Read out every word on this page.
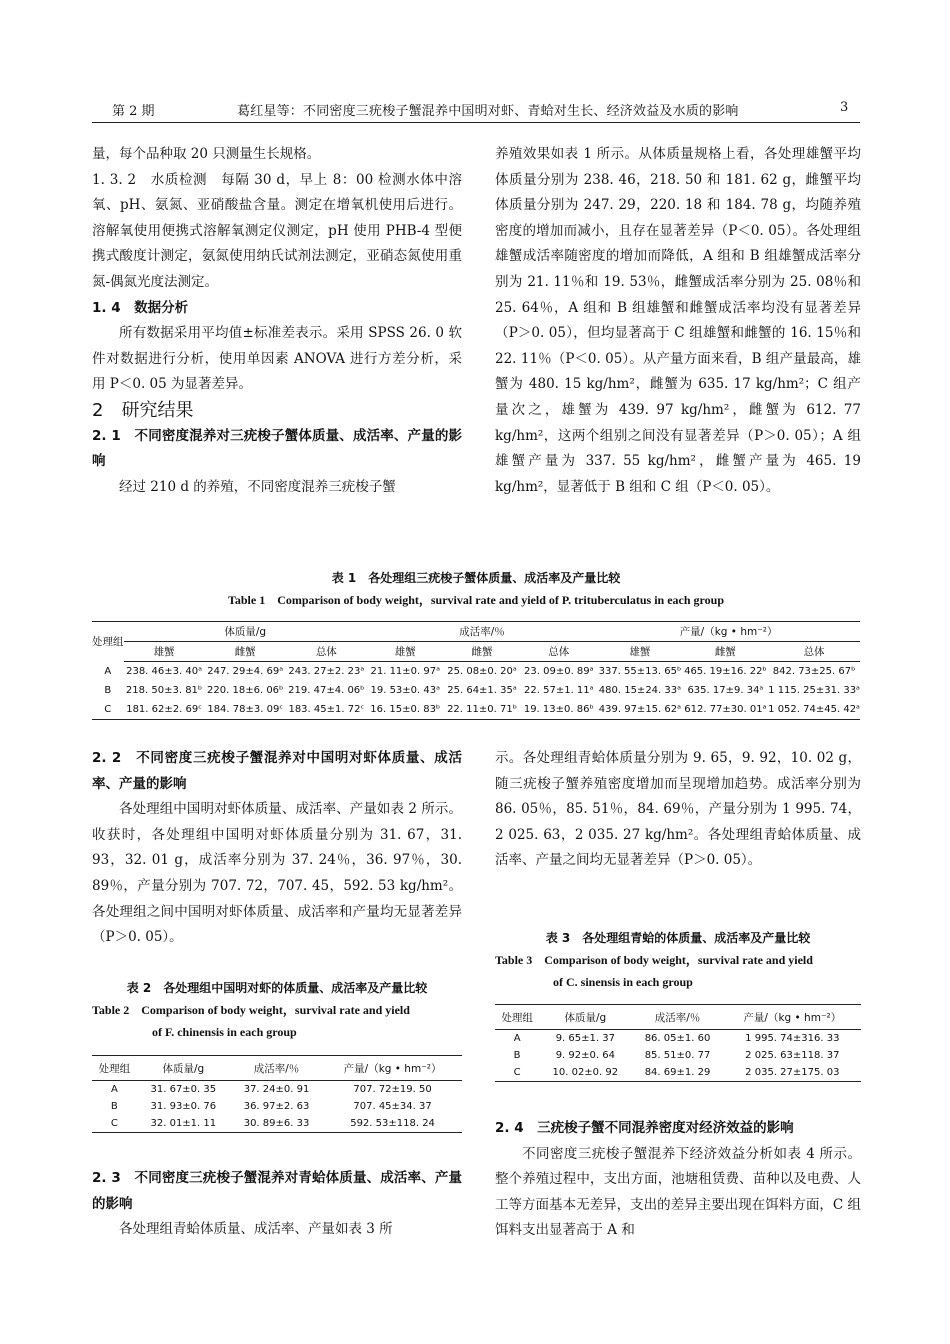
第 2 期	葛红星等：不同密度三疣梭子蟹混养中国明对虾、青蛤对生长、经济效益及水质的影响	3

量，每个品种取 20 只测量生长规格。

1. 3. 2　水质检测　每隔 30 d，早上 8：00 检测水体中溶氧、pH、氨氮、亚硝酸盐含量。测定在增氧机使用后进行。溶解氧使用便携式溶解氧测定仪测定，pH 使用 PHB-4 型便携式酸度计测定，氨氮使用纳氏试剂法测定，亚硝态氮使用重氮-偶氮光度法测定。

1. 4　数据分析

所有数据采用平均值±标准差表示。采用 SPSS 26. 0 软件对数据进行分析，使用单因素 ANOVA 进行方差分析，采用 P＜0. 05 为显著差异。

2　研究结果

2. 1　不同密度混养对三疣梭子蟹体质量、成活率、产量的影响

经过 210 d 的养殖，不同密度混养三疣梭子蟹

养殖效果如表 1 所示。从体质量规格上看，各处理雄蟹平均体质量分别为 238. 46，218. 50 和 181. 62 g，雌蟹平均体质量分别为 247. 29，220. 18 和 184. 78 g，均随养殖密度的增加而减小，且存在显著差异（P＜0. 05）。各处理组雄蟹成活率随密度的增加而降低，A 组和 B 组雄蟹成活率分别为 21. 11％和 19. 53％，雌蟹成活率分别为 25. 08％和 25. 64％，A 组和 B 组雄蟹和雌蟹成活率均没有显著差异（P＞0. 05），但均显著高于 C 组雄蟹和雌蟹的 16. 15％和 22. 11％（P＜0. 05）。从产量方面来看，B 组产量最高，雄蟹为 480. 15 kg/hm²，雌蟹为 635. 17 kg/hm²；C 组产量次之，雄蟹为 439. 97 kg/hm²，雌蟹为 612. 77 kg/hm²，这两个组别之间没有显著差异（P＞0. 05）；A 组雄蟹产量为 337. 55 kg/hm²，雌蟹产量为 465. 19 kg/hm²，显著低于 B 组和 C 组（P＜0. 05）。

表 1　各处理组三疣梭子蟹体质量、成活率及产量比较

Table 1　Comparison of body weight，survival rate and yield of P. trituberculatus in each group

处理组	体质量/g			成活率/％			产量/（kg • hm⁻²）		
	雄蟹	雌蟹	总体	雄蟹	雌蟹	总体	雄蟹	雌蟹	总体
A	238. 46±3. 40ᵃ	247. 29±4. 69ᵃ	243. 27±2. 23ᵃ	21. 11±0. 97ᵃ	25. 08±0. 20ᵃ	23. 09±0. 89ᵃ	337. 55±13. 65ᵇ	465. 19±16. 22ᵇ	842. 73±25. 67ᵇ
B	218. 50±3. 81ᵇ	220. 18±6. 06ᵇ	219. 47±4. 06ᵇ	19. 53±0. 43ᵃ	25. 64±1. 35ᵃ	22. 57±1. 11ᵃ	480. 15±24. 33ᵃ	635. 17±9. 34ᵃ	1 115. 25±31. 33ᵃ
C	181. 62±2. 69ᶜ	184. 78±3. 09ᶜ	183. 45±1. 72ᶜ	16. 15±0. 83ᵇ	22. 11±0. 71ᵇ	19. 13±0. 86ᵇ	439. 97±15. 62ᵃ	612. 77±30. 01ᵃ	1 052. 74±45. 42ᵃ

2. 2　不同密度三疣梭子蟹混养对中国明对虾体质量、成活率、产量的影响

各处理组中国明对虾体质量、成活率、产量如表 2 所示。收获时，各处理组中国明对虾体质量分别为 31. 67，31. 93，32. 01 g，成活率分别为 37. 24％，36. 97％，30. 89％，产量分别为 707. 72，707. 45，592. 53 kg/hm²。各处理组之间中国明对虾体质量、成活率和产量均无显著差异（P＞0. 05）。

表 2　各处理组中国明对虾的体质量、成活率及产量比较

Table 2　Comparison of body weight，survival rate and yield

of F. chinensis in each group

处理组	体质量/g	成活率/％	产量/（kg • hm⁻²）
A	31. 67±0. 35	37. 24±0. 91	707. 72±19. 50
B	31. 93±0. 76	36. 97±2. 63	707. 45±34. 37
C	32. 01±1. 11	30. 89±6. 33	592. 53±118. 24

2. 3　不同密度三疣梭子蟹混养对青蛤体质量、成活率、产量的影响

各处理组青蛤体质量、成活率、产量如表 3 所

示。各处理组青蛤体质量分别为 9. 65，9. 92，10. 02 g，随三疣梭子蟹养殖密度增加而呈现增加趋势。成活率分别为 86. 05％，85. 51％，84. 69％，产量分别为 1 995. 74，2 025. 63，2 035. 27 kg/hm²。各处理组青蛤体质量、成活率、产量之间均无显著差异（P＞0. 05）。

表 3　各处理组青蛤的体质量、成活率及产量比较

Table 3　Comparison of body weight，survival rate and yield

of C. sinensis in each group

处理组	体质量/g	成活率/％	产量/（kg • hm⁻²）
A	9. 65±1. 37	86. 05±1. 60	1 995. 74±316. 33
B	9. 92±0. 64	85. 51±0. 77	2 025. 63±118. 37
C	10. 02±0. 92	84. 69±1. 29	2 035. 27±175. 03

2. 4　三疣梭子蟹不同混养密度对经济效益的影响

不同密度三疣梭子蟹混养下经济效益分析如表 4 所示。整个养殖过程中，支出方面，池塘租赁费、苗种以及电费、人工等方面基本无差异，支出的差异主要出现在饵料方面，C 组饵料支出显著高于 A 和
